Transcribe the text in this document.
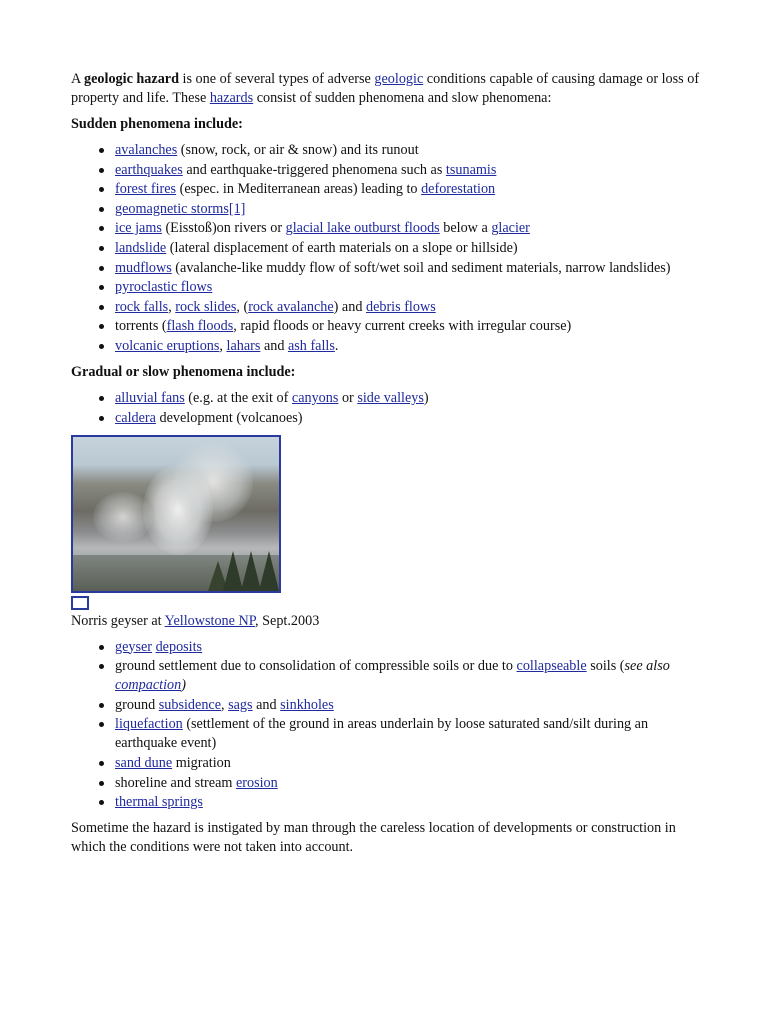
A geologic hazard is one of several types of adverse geologic conditions capable of causing damage or loss of property and life. These hazards consist of sudden phenomena and slow phenomena:

Sudden phenomena include:

avalanches (snow, rock, or air & snow) and its runout
earthquakes and earthquake-triggered phenomena such as tsunamis
forest fires (espec. in Mediterranean areas) leading to deforestation
geomagnetic storms[1]
ice jams (Eisstoß)on rivers or glacial lake outburst floods below a glacier
landslide (lateral displacement of earth materials on a slope or hillside)
mudflows (avalanche-like muddy flow of soft/wet soil and sediment materials, narrow landslides)
pyroclastic flows
rock falls, rock slides, (rock avalanche) and debris flows
torrents (flash floods, rapid floods or heavy current creeks with irregular course)
volcanic eruptions, lahars and ash falls.

Gradual or slow phenomena include:

alluvial fans (e.g. at the exit of canyons or side valleys)
caldera development (volcanoes)

Norris geyser at Yellowstone NP, Sept.2003

geyser deposits
ground settlement due to consolidation of compressible soils or due to collapseable soils (see also compaction)
ground subsidence, sags and sinkholes
liquefaction (settlement of the ground in areas underlain by loose saturated sand/silt during an earthquake event)
sand dune migration
shoreline and stream erosion
thermal springs

Sometime the hazard is instigated by man through the careless location of developments or construction in which the conditions were not taken into account.
